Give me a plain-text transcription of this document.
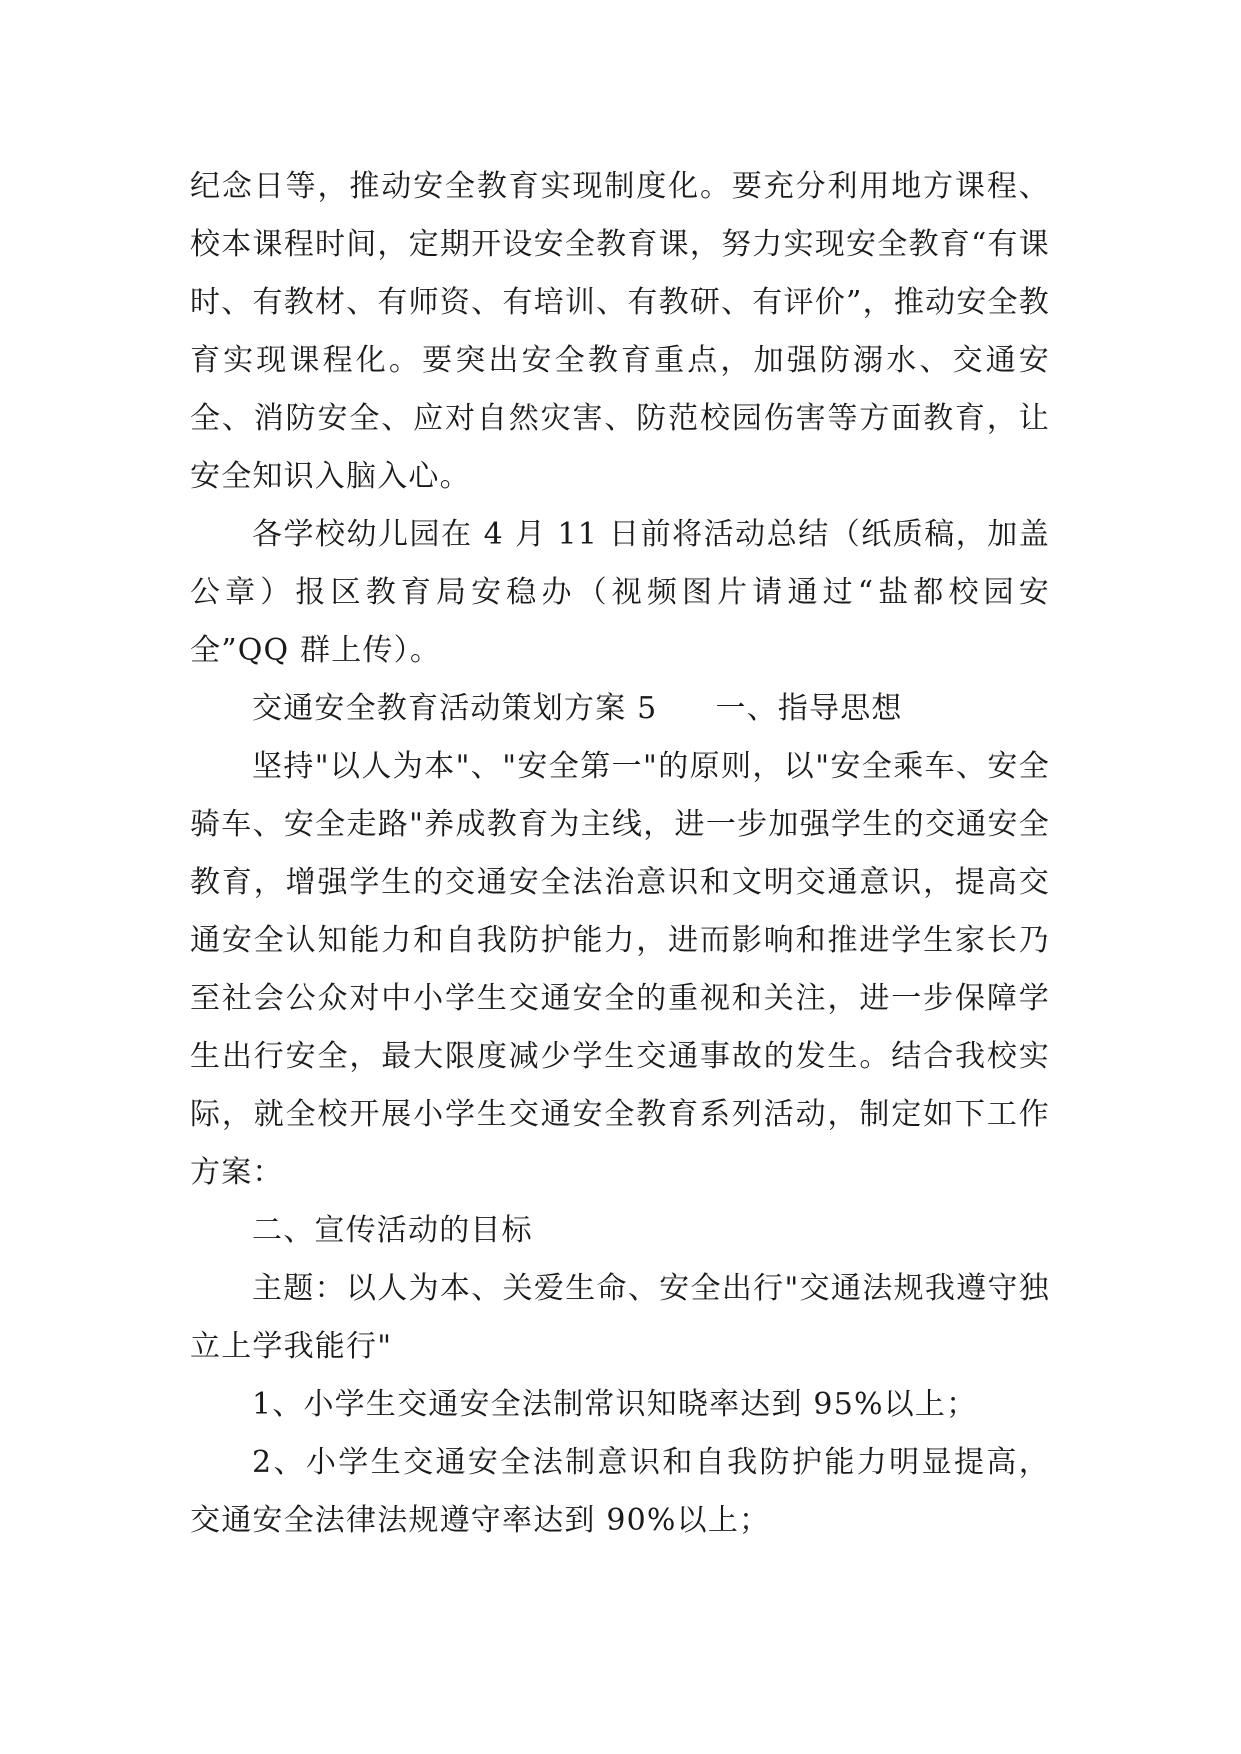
纪念日等，推动安全教育实现制度化。要充分利用地方课程、校本课程时间，定期开设安全教育课，努力实现安全教育“有课时、有教材、有师资、有培训、有教研、有评价”，推动安全教育实现课程化。要突出安全教育重点，加强防溺水、交通安全、消防安全、应对自然灾害、防范校园伤害等方面教育，让安全知识入脑入心。

各学校幼儿园在 4 月 11 日前将活动总结（纸质稿，加盖公章）报区教育局安稳办（视频图片请通过“盐都校园安全”QQ 群上传）。

交通安全教育活动策划方案 5 一、指导思想

坚持"以人为本"、"安全第一"的原则，以"安全乘车、安全骑车、安全走路"养成教育为主线，进一步加强学生的交通安全教育，增强学生的交通安全法治意识和文明交通意识，提高交通安全认知能力和自我防护能力，进而影响和推进学生家长乃至社会公众对中小学生交通安全的重视和关注，进一步保障学生出行安全，最大限度减少学生交通事故的发生。结合我校实际，就全校开展小学生交通安全教育系列活动，制定如下工作方案：

二、宣传活动的目标

主题：以人为本、关爱生命、安全出行"交通法规我遵守独立上学我能行"

1、小学生交通安全法制常识知晓率达到 95%以上；

2、小学生交通安全法制意识和自我防护能力明显提高，交通安全法律法规遵守率达到 90%以上；
